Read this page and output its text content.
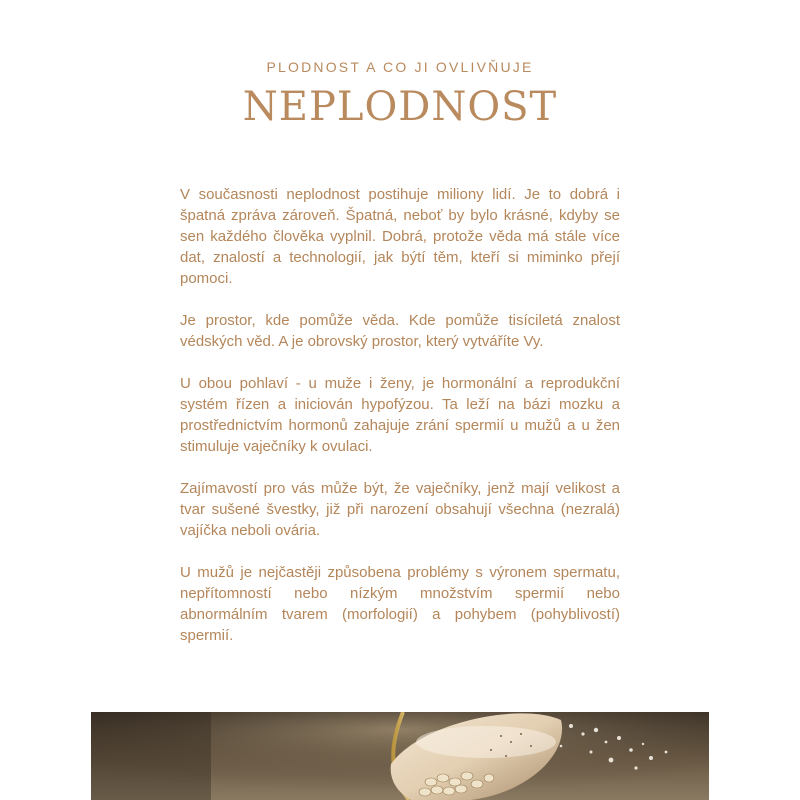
PLODNOST A CO JI OVLIVŇUJE
NEPLODNOST

V současnosti neplodnost postihuje miliony lidí. Je to dobrá i špatná zpráva zároveň. Špatná, neboť by bylo krásné, kdyby se sen každého člověka vyplnil. Dobrá, protože věda má stále více dat, znalostí a technologií, jak býtí těm, kteří si miminko přejí pomoci.

Je prostor, kde pomůže věda. Kde pomůže tisíciletá znalost védských věd. A je obrovský prostor, který vytváříte Vy.

U obou pohlaví - u muže i ženy, je hormonální a reprodukční systém řízen a iniciován hypofýzou. Ta leží na bázi mozku a prostřednictvím hormonů zahajuje zrání spermií u mužů a u žen stimuluje vaječníky k ovulaci.

Zajímavostí pro vás může být, že vaječníky, jenž mají velikost a tvar sušené švestky, již při narození obsahují všechna (nezralá) vajíčka neboli ovária.

U mužů je nejčastěji způsobena problémy s výronem spermatu, nepřítomností nebo nízkým množstvím spermií nebo abnormálním tvarem (morfologií) a pohybem (pohyblivostí) spermií.
